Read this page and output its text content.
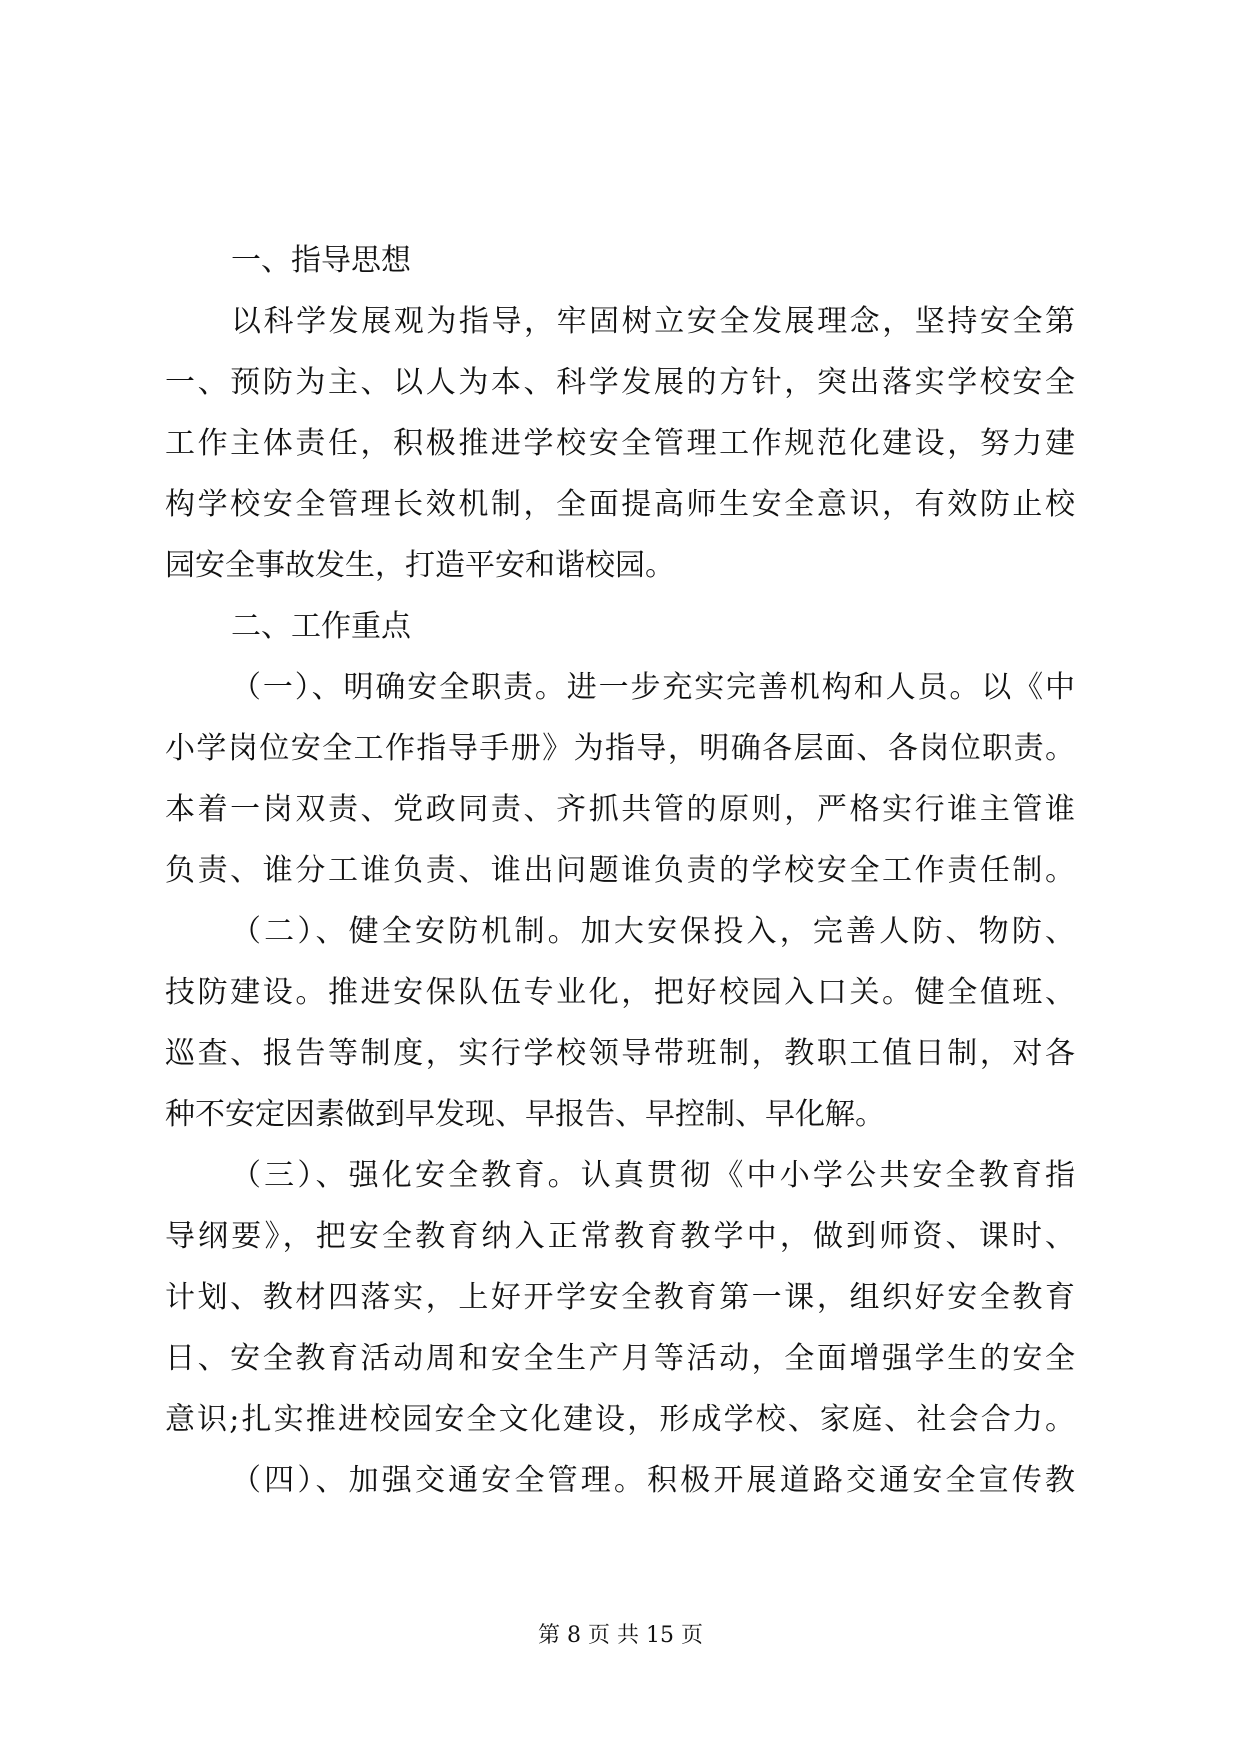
一、指导思想
以科学发展观为指导，牢固树立安全发展理念，坚持安全第
一、预防为主、以人为本、科学发展的方针，突出落实学校安全
工作主体责任，积极推进学校安全管理工作规范化建设，努力建
构学校安全管理长效机制，全面提高师生安全意识，有效防止校
园安全事故发生，打造平安和谐校园。
二、工作重点
（一）、明确安全职责。进一步充实完善机构和人员。以《中
小学岗位安全工作指导手册》为指导，明确各层面、各岗位职责。
本着一岗双责、党政同责、齐抓共管的原则，严格实行谁主管谁
负责、谁分工谁负责、谁出问题谁负责的学校安全工作责任制。
（二）、健全安防机制。加大安保投入，完善人防、物防、
技防建设。推进安保队伍专业化，把好校园入口关。健全值班、
巡查、报告等制度，实行学校领导带班制，教职工值日制，对各
种不安定因素做到早发现、早报告、早控制、早化解。
（三）、强化安全教育。认真贯彻《中小学公共安全教育指
导纲要》，把安全教育纳入正常教育教学中，做到师资、课时、
计划、教材四落实，上好开学安全教育第一课，组织好安全教育
日、安全教育活动周和安全生产月等活动，全面增强学生的安全
意识;扎实推进校园安全文化建设，形成学校、家庭、社会合力。
（四）、加强交通安全管理。积极开展道路交通安全宣传教
第 8 页 共 15 页
